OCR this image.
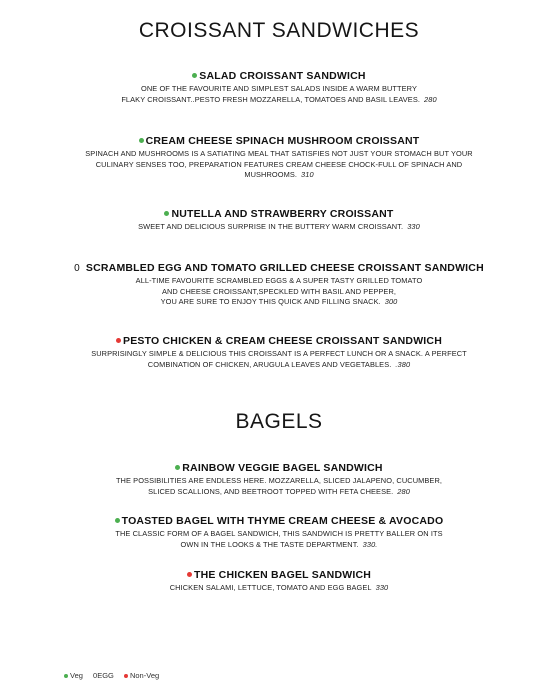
CROISSANT SANDWICHES
SALAD CROISSANT SANDWICH
ONE OF THE FAVOURITE AND SIMPLEST SALADS INSIDE A WARM BUTTERY
FLAKY CROISSANT..PESTO FRESH MOZZARELLA, TOMATOES AND BASIL LEAVES. 280
CREAM CHEESE SPINACH MUSHROOM CROISSANT
SPINACH AND MUSHROOMS IS A SATIATING MEAL THAT SATISFIES NOT JUST YOUR STOMACH BUT YOUR
CULINARY SENSES TOO, PREPARATION FEATURES CREAM CHEESE CHOCK-FULL OF SPINACH AND
MUSHROOMS. 310
NUTELLA AND STRAWBERRY CROISSANT
SWEET AND DELICIOUS SURPRISE IN THE BUTTERY WARM CROISSANT. 330
0 SCRAMBLED EGG AND TOMATO GRILLED CHEESE CROISSANT SANDWICH
ALL-TIME FAVOURITE SCRAMBLED EGGS & A SUPER TASTY GRILLED TOMATO
AND CHEESE CROISSANT,SPECKLED WITH BASIL AND PEPPER,
YOU ARE SURE TO ENJOY THIS QUICK AND FILLING SNACK. 300
PESTO CHICKEN & CREAM CHEESE CROISSANT SANDWICH
SURPRISINGLY SIMPLE & DELICIOUS THIS CROISSANT IS A PERFECT LUNCH OR A SNACK. A PERFECT
COMBINATION OF CHICKEN, ARUGULA LEAVES AND VEGETABLES. .380
BAGELS
RAINBOW VEGGIE BAGEL SANDWICH
THE POSSIBILITIES ARE ENDLESS HERE. MOZZARELLA, SLICED JALAPENO, CUCUMBER,
SLICED SCALLIONS, AND BEETROOT TOPPED WITH FETA CHEESE. 280
TOASTED BAGEL WITH THYME CREAM CHEESE & AVOCADO
THE CLASSIC FORM OF A BAGEL SANDWICH, THIS SANDWICH IS PRETTY BALLER ON ITS
OWN IN THE LOOKS & THE TASTE DEPARTMENT. 330.
THE CHICKEN BAGEL SANDWICH
CHICKEN SALAMI, LETTUCE, TOMATO AND EGG BAGEL 330
Veg 0EGG Non-Veg
